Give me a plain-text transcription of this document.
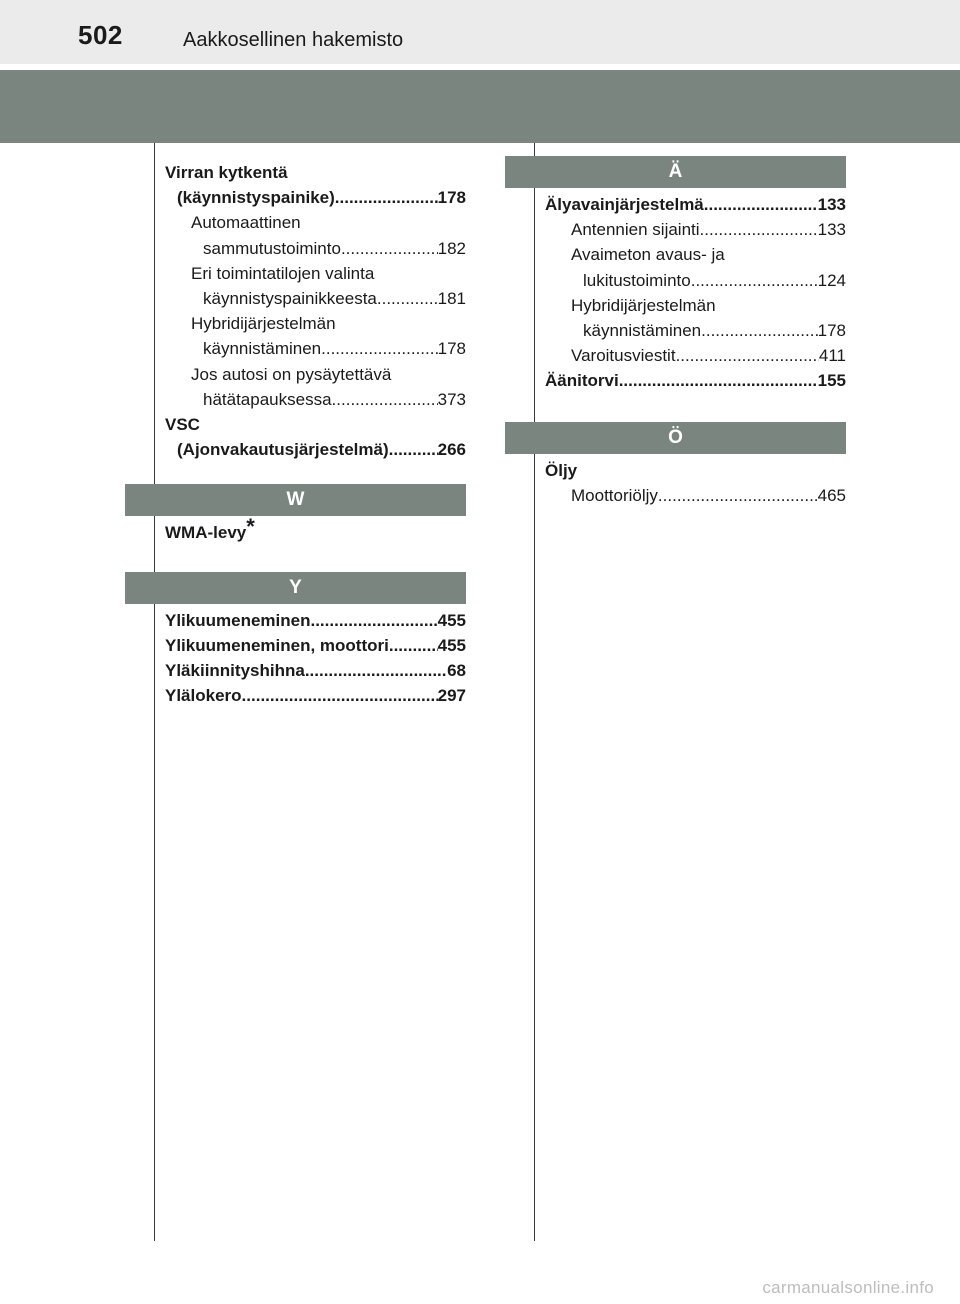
502	Aakkosellinen hakemisto
Virran kytkentä
(käynnistyspainike) .....	178
Automaattinen
sammutustoiminto .....	182
Eri toimintatilojen valinta
käynnistyspainikkeesta .....	181
Hybridijärjestelmän
käynnistäminen .....	178
Jos autosi on pysäytettävä
hätätapauksessa .....	373
VSC
(Ajonvakautusjärjestelmä) .....	266
W
WMA-levy*
Y
Ylikuumeneminen .....	455
Ylikuumeneminen, moottori .....	455
Yläkiinnityshihna .....	68
Ylälokero .....	297
Ä
Älyavainjärjestelmä .....	133
Antennien sijainti .....	133
Avaimeton avaus- ja
lukitustoiminto .....	124
Hybridijärjestelmän
käynnistäminen .....	178
Varoitusviestit .....	411
Äänitorvi .....	155
Ö
Öljy
Moottoriöljy .....	465
carmanualsonline.info
